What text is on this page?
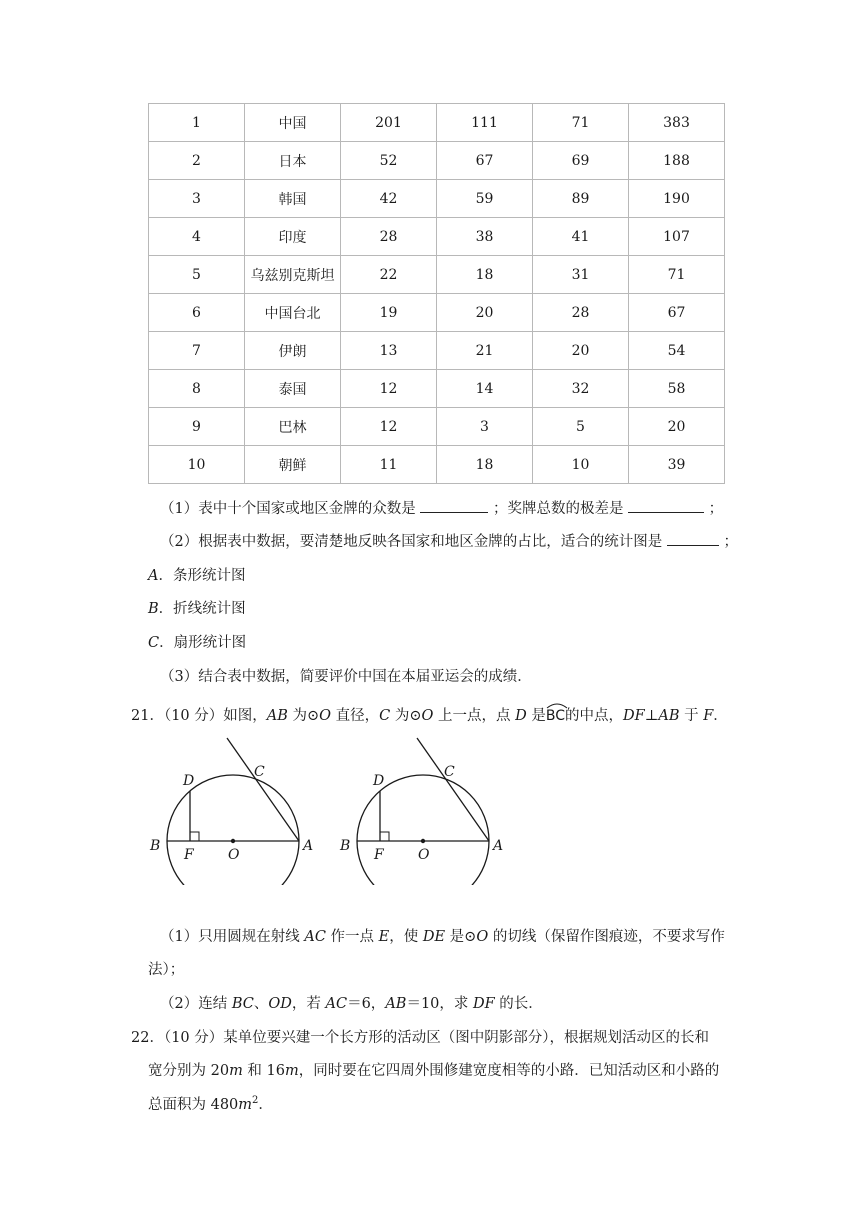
1	中国	201	111	71	383
2	日本	52	67	69	188
3	韩国	42	59	89	190
4	印度	28	38	41	107
5	乌兹别克斯坦	22	18	31	71
6	中国台北	19	20	28	67
7	伊朗	13	21	20	54
8	泰国	12	14	32	58
9	巴林	12	3	5	20
10	朝鲜	11	18	10	39
（1）表中十个国家或地区金牌的众数是	；奖牌总数的极差是	；
（2）根据表中数据，要清楚地反映各国家和地区金牌的占比，适合的统计图是	；
A．条形统计图
B．折线统计图
C．扇形统计图
（3）结合表中数据，简要评价中国在本届亚运会的成绩．
21．（10 分）如图，AB 为⊙O 直径，C 为⊙O 上一点，点 D 是
BC的中点，DF⊥AB 于 F．
D
C
B
F O
A
D
C
B
F O
A
（1）只用圆规在射线 AC 作一点 E，使 DE 是⊙O 的切线（保留作图痕迹，不要求写作
法）；
（2）连结 BC、OD，若 AC＝6，AB＝10，求 DF 的长．
22．（10 分）某单位要兴建一个长方形的活动区（图中阴影部分），根据规划活动区的长和
宽分别为 20m 和 16m，同时要在它四周外围修建宽度相等的小路．已知活动区和小路的
总面积为 $480m^2$．
